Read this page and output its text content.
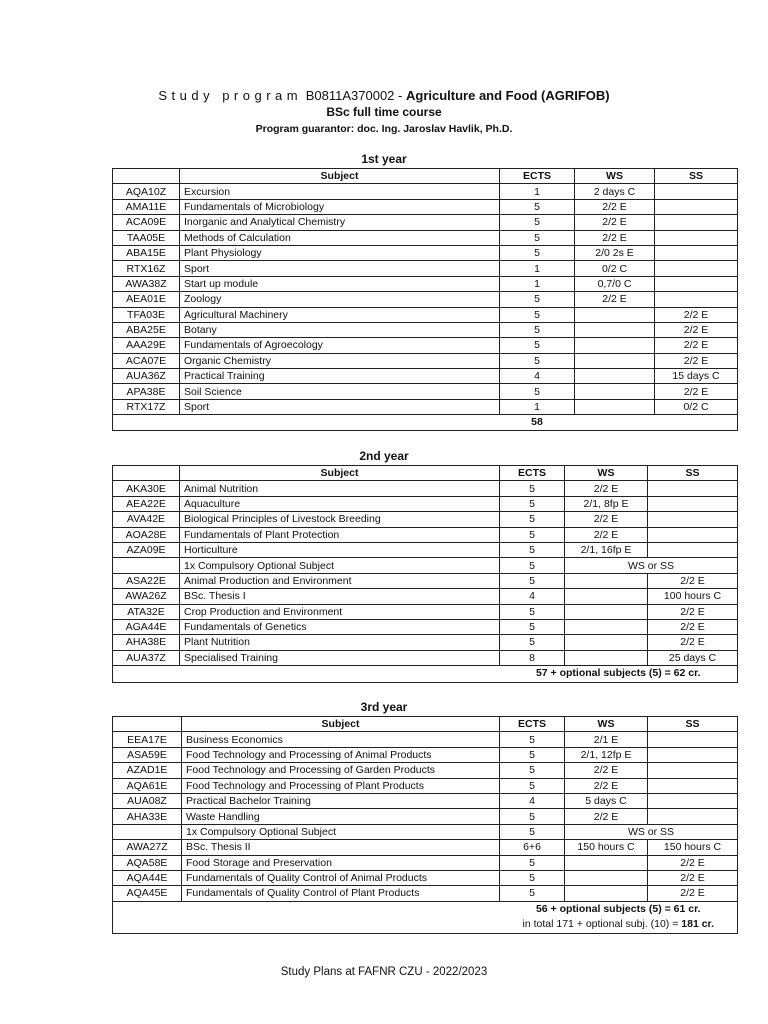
Study program B0811A370002 - Agriculture and Food (AGRIFOB)
BSc full time course
Program guarantor: doc. Ing. Jaroslav Havlik, Ph.D.
1st year
	Subject	ECTS	WS	SS
AQA10Z	Excursion	1	2 days C	
AMA11E	Fundamentals of Microbiology	5	2/2 E	
ACA09E	Inorganic and Analytical Chemistry	5	2/2 E	
TAA05E	Methods of Calculation	5	2/2 E	
ABA15E	Plant Physiology	5	2/0 2s E	
RTX16Z	Sport	1	0/2 C	
AWA38Z	Start up module	1	0,7/0 C	
AEA01E	Zoology	5	2/2 E	
TFA03E	Agricultural Machinery	5		2/2 E
ABA25E	Botany	5		2/2 E
AAA29E	Fundamentals of Agroecology	5		2/2 E
ACA07E	Organic Chemistry	5		2/2 E
AUA36Z	Practical Training	4		15 days C
APA38E	Soil Science	5		2/2 E
RTX17Z	Sport	1		0/2 C
		58		
2nd year
	Subject	ECTS	WS	SS
AKA30E	Animal Nutrition	5	2/2 E	
AEA22E	Aquaculture	5	2/1, 8fp E	
AVA42E	Biological Principles of Livestock Breeding	5	2/2 E	
AOA28E	Fundamentals of Plant Protection	5	2/2 E	
AZA09E	Horticulture	5	2/1, 16fp E	
	1x Compulsory Optional Subject	5	WS or SS	
ASA22E	Animal Production and Environment	5		2/2 E
AWA26Z	BSc. Thesis I	4		100 hours C
ATA32E	Crop Production and Environment	5		2/2 E
AGA44E	Fundamentals of Genetics	5		2/2 E
AHA38E	Plant Nutrition	5		2/2 E
AUA37Z	Specialised Training	8		25 days C

		57 + optional subjects (5) = 62 cr.		
3rd year
	Subject	ECTS	WS	SS
EEA17E	Business Economics	5	2/1 E	
ASA59E	Food Technology and Processing of Animal Products	5	2/1, 12fp E	
AZAD1E	Food Technology and Processing of Garden Products	5	2/2 E	
AQA61E	Food Technology and Processing of Plant Products	5	2/2 E	
AUA08Z	Practical Bachelor Training	4	5 days C	
AHA33E	Waste Handling	5	2/2 E	
	1x Compulsory Optional Subject	5	WS or SS	
AWA27Z	BSc. Thesis II	6+6	150 hours C	150 hours C
AQA58E	Food Storage and Preservation	5		2/2 E
AQA44E	Fundamentals of Quality Control of Animal Products	5		2/2 E
AQA45E	Fundamentals of Quality Control of Plant Products	5		2/2 E

		56 + optional subjects (5) = 61 cr.
in total 171 + optional subj. (10) = 181 cr.		
Study Plans at FAFNR CZU - 2022/2023
